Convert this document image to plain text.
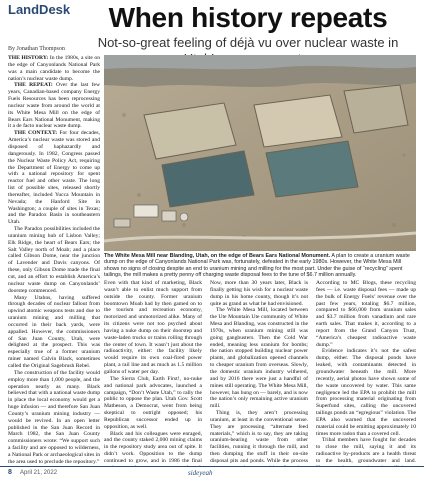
LandDesk	When history repeats
Not-so-great feeling of déjà vu over nuclear waste in
By Jonathan Thompson

THE HISTORY: In the 1980s, a site on the edge of Canyonlands National Park was a main candidate to become the nation’s nuclear waste dump.

THE REPEAT: Over the last few years, Canadian-based company Energy Fuels Resources has been reprocessing nuclear waste from around the world at its White Mesa Mill on the edge of Bears Ears National Monument, making it a de facto nuclear waste dump.

THE CONTEXT: For four decades, America’s nuclear waste was stored and disposed of haphazardly and dangerously. In 1982, Congress passed the Nuclear Waste Policy Act, requiring the Department of Energy to come up with a national repository for spent reactor fuel and other waste. The long list of possible sites, released shortly thereafter, included Yucca Mountain in Nevada; the Hanford Site in Washington; a couple of sites in Texas; and the Paradox Basin in southeastern Utah.

The Paradox possibilities included the uranium mining hub of Lisbon Valley; Elk Ridge, the heart of Bears Ears; the Salt Valley north of Moab; and a place called Gibson Dome, near the junction of Lavender and Davis canyons. Of these, only Gibson Dome made the final cut, and an effort to establish America’s nuclear waste dump on Canyonlands’ doorstep commenced.

Many Utahns, having suffered through decades of nuclear fallout from upwind atomic weapons tests and due to uranium mining and milling that occurred in their back yards, were appalled. However, the commissioners of San Juan County, Utah, were delighted at the prospect. This was especially true of a former uranium miner named Calvin Black, sometimes called the Original Sagebrush Rebel.

The construction of the facility would employ more than 1,000 people, and the operation nearly as many. Black believed that with a national waste dump in place the local economy would get a huge infusion — and therefore San Juan County’s uranium mining industry — would be revived. In an open letter published in the San Juan Record in March 1982, the San Juan County commissioners wrote: “We support such a facility and are opposed to wilderness, a National Park or archaeological sites in the area used to preclude the repository.”

The White Mesa Mill near Blanding, Utah, on the edge of Bears Ears National Monument. A plan to create a uranium waste dump on the edge of Canyonlands National Park was, fortunately, defeated in the early 1980s. However, the White Mesa Mill shows no signs of closing despite an end to uranium mining and milling for the most part. Under the guise of “recycling” spent tailings, the mill makes a pretty penny off charging waste disposal fees to the tune of $6.7 million annually.

Even with that kind of marketing, Black wasn’t able to enlist much support from outside the county. Former uranium boomtown Moab had by then gamed on to the tourism and recreation economy, motorized and unmotorized alike. Many of its citizens were not too psyched about having a nuke dump on their doorstep and waste-laden trucks or trains rolling through the center of town. It wasn’t just about the radioactivity, either: the facility likely would require its own coal-fired power plant, a rail line and as much as 1.5 million gallons of water per day.

The Sierra Club, Earth First!, no-nuke and national park advocates, launched a campaign, “Don’t Waste Utah,” to rally the public to oppose the plan. Utah Gov. Scott Matheson, a Democrat, went from being skeptical to outright opposed; his Republican successor ended up in opposition, as well.

Black and his colleagues were enraged, and the county staked 2,000 mining claims in the repository study area out of spite. It didn’t work. Opposition to the dump continued to grow, and in 1986 the final

Now, more than 30 years later, Black is finally getting his wish for a nuclear waste dump in his home county, though it’s not quite as grand as what he had envisioned.

The White Mesa Mill, located between the Ute Mountain Ute community of White Mesa and Blanding, was constructed in the 1970s, when uranium mining still was going gangbusters. Then the Cold War ended, meaning less uranium for bombs; the nation stopped building nuclear power plants, and globalization opened channels to cheaper uranium from overseas. Slowly, the domestic uranium industry withered, and by 2016 there were just a handful of mines still operating. The White Mesa Mill, however, has hung on — barely, and is now the nation’s only remaining active uranium mill.

Thing is, they aren’t processing uranium, at least in the conventional sense. They are processing “alternate feed materials,” which is to say, they are taking uranium-bearing waste from other facilities, running it through the mill, and then dumping the stuff in their on-site disposal pits and ponds. While the process

According to MC Blogs, these recycling fees — i.e. waste disposal fees — made up the bulk of Energy Fuels’ revenue over the past few years, totaling $6.7 million, compared to $66,000 from uranium sales and $3.7 million from vanadium and rare earth sales. That makes it, according to a report from the Grand Canyon Trust, “America’s cheapest radioactive waste dump.”

Evidence indicates it’s not the safest dump, either. The disposal ponds have leaked, with contaminants detected in groundwater beneath the mill. More recently, aerial photos have shown some of the waste uncovered by water. This same negligence led the EPA to prohibit the mill from processing material originating from Superfund sites, calling the uncovered tailings ponds an “egregious” violation. The EPA also warned that the uncovered material could be emitting approximately 10 times more radon than a covered cell.

Tribal members have fought for decades to close the mill, saying it and its radioactive by-products are a health threat to the health, groundwater and land.

8 April 21, 2022	sideyeah
